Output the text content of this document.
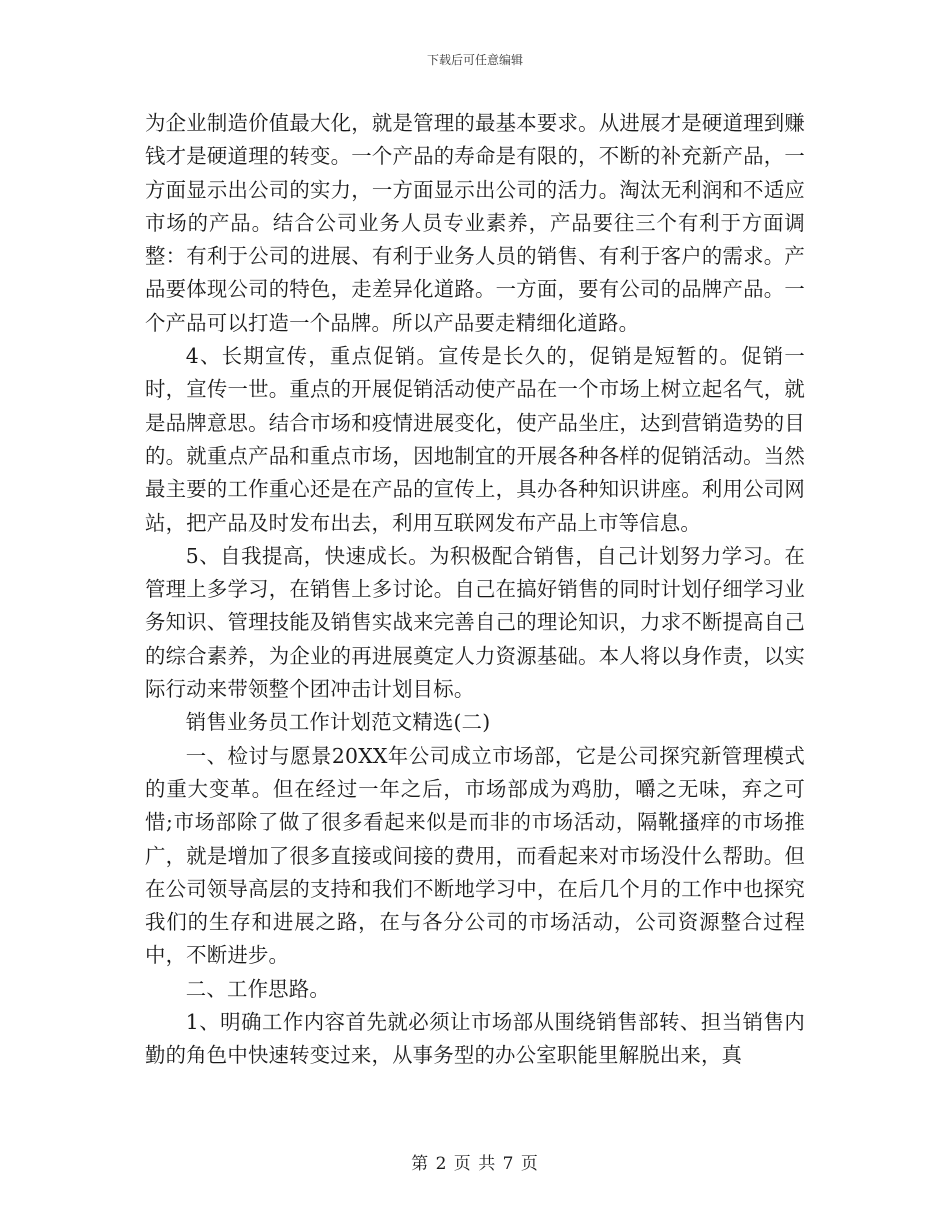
下载后可任意编辑

为企业制造价值最大化，就是管理的最基本要求。从进展才是硬道理到赚钱才是硬道理的转变。一个产品的寿命是有限的，不断的补充新产品，一方面显示出公司的实力，一方面显示出公司的活力。淘汰无利润和不适应市场的产品。结合公司业务人员专业素养，产品要往三个有利于方面调整：有利于公司的进展、有利于业务人员的销售、有利于客户的需求。产品要体现公司的特色，走差异化道路。一方面，要有公司的品牌产品。一个产品可以打造一个品牌。所以产品要走精细化道路。

4、长期宣传，重点促销。宣传是长久的，促销是短暂的。促销一时，宣传一世。重点的开展促销活动使产品在一个市场上树立起名气，就是品牌意思。结合市场和疫情进展变化，使产品坐庄，达到营销造势的目的。就重点产品和重点市场，因地制宜的开展各种各样的促销活动。当然最主要的工作重心还是在产品的宣传上，具办各种知识讲座。利用公司网站，把产品及时发布出去，利用互联网发布产品上市等信息。

5、自我提高，快速成长。为积极配合销售，自己计划努力学习。在管理上多学习，在销售上多讨论。自己在搞好销售的同时计划仔细学习业务知识、管理技能及销售实战来完善自己的理论知识，力求不断提高自己的综合素养，为企业的再进展奠定人力资源基础。本人将以身作责，以实际行动来带领整个团冲击计划目标。

销售业务员工作计划范文精选(二)

一、检讨与愿景20XX年公司成立市场部，它是公司探究新管理模式的重大变革。但在经过一年之后，市场部成为鸡肋，嚼之无味，弃之可惜;市场部除了做了很多看起来似是而非的市场活动，隔靴搔痒的市场推广，就是增加了很多直接或间接的费用，而看起来对市场没什么帮助。但在公司领导高层的支持和我们不断地学习中，在后几个月的工作中也探究我们的生存和进展之路，在与各分公司的市场活动，公司资源整合过程中，不断进步。

二、工作思路。

1、明确工作内容首先就必须让市场部从围绕销售部转、担当销售内勤的角色中快速转变过来，从事务型的办公室职能里解脱出来，真

第 2 页 共 7 页
